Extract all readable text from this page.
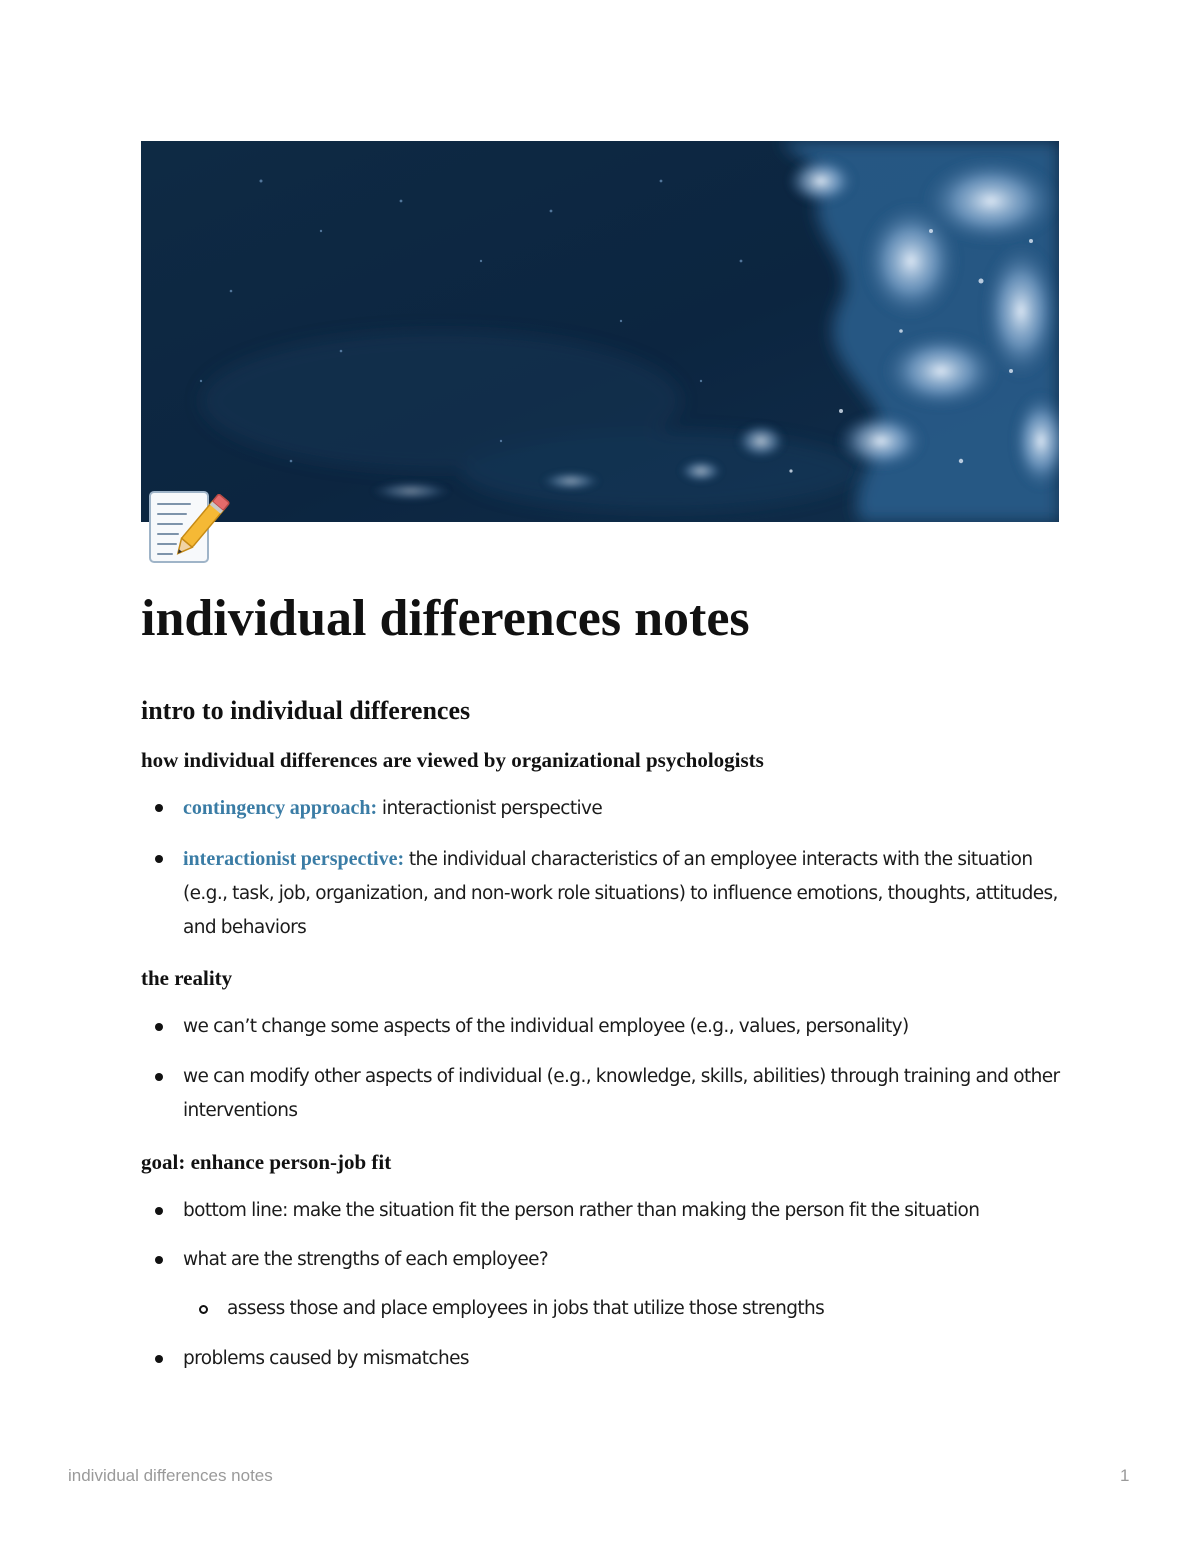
individual differences notes
intro to individual differences
how individual differences are viewed by organizational psychologists

contingency approach: interactionist perspective

interactionist perspective: the individual characteristics of an employee interacts with the situation (e.g., task, job, organization, and non-work role situations) to influence emotions, thoughts, attitudes, and behaviors

the reality

we can’t change some aspects of the individual employee (e.g., values, personality)

we can modify other aspects of individual (e.g., knowledge, skills, abilities) through training and other interventions

goal: enhance person-job fit

bottom line: make the situation fit the person rather than making the person fit the situation

what are the strengths of each employee?

assess those and place employees in jobs that utilize those strengths

problems caused by mismatches

individual differences notes	1
